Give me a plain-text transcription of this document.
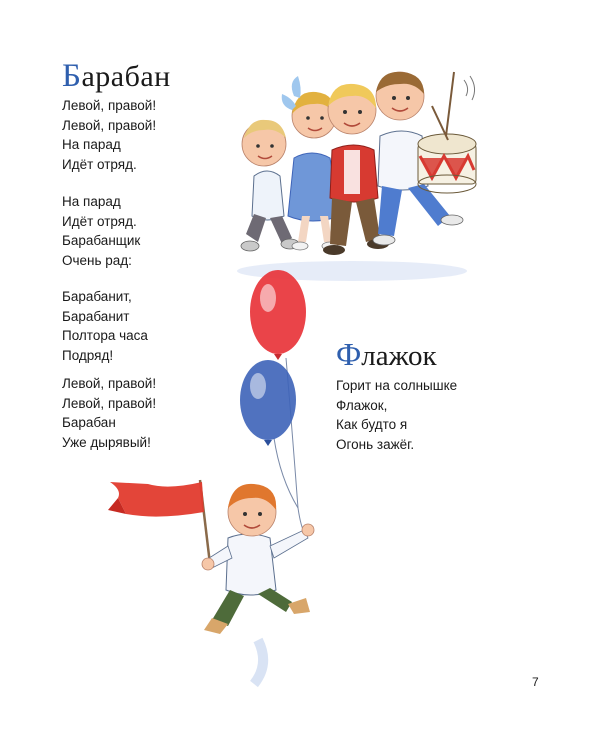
Барабан
Левой, правой!
Левой, правой!
На парад
Идёт отряд.
На парад
Идёт отряд.
Барабанщик
Очень рад:
Барабанит,
Барабанит
Полтора часа
Подряд!
Левой, правой!
Левой, правой!
Барабан
Уже дырявый!
Флажок
Горит на солнышке
Флажок,
Как будто я
Огонь зажёг.
7
